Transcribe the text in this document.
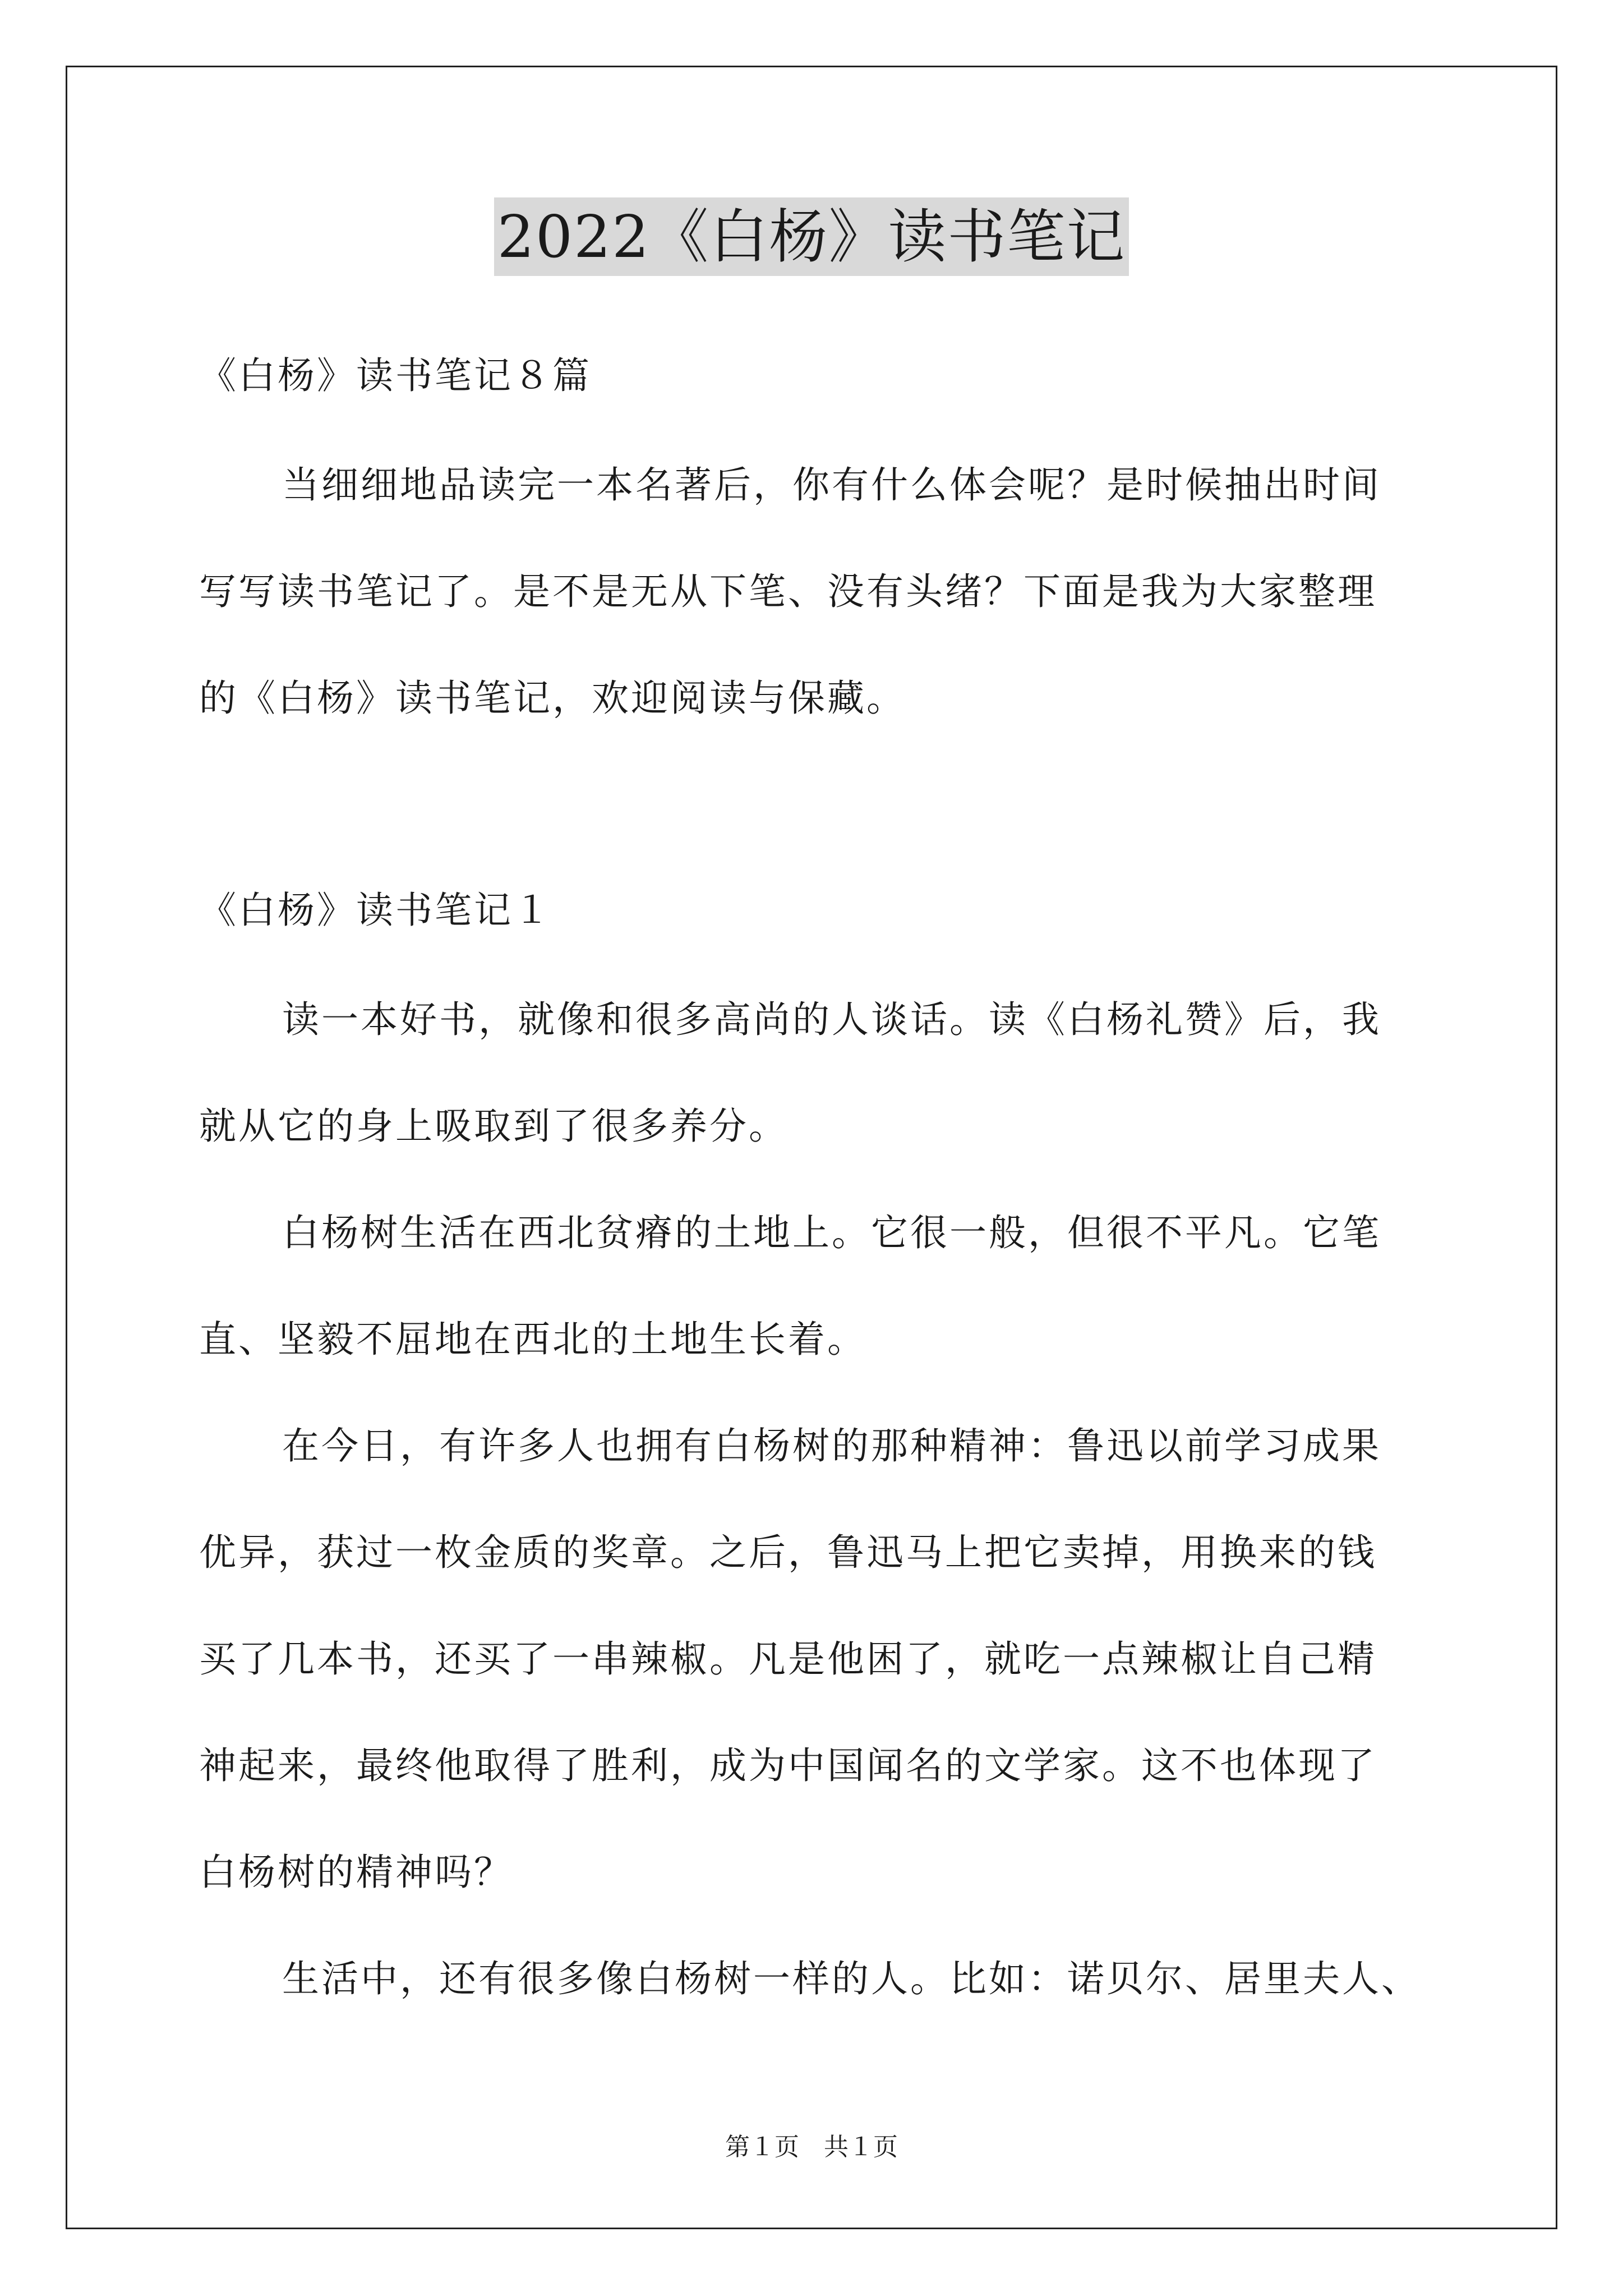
2022《白杨》读书笔记
《白杨》读书笔记８篇
当细细地品读完一本名著后，你有什么体会呢？是时候抽出时间
写写读书笔记了。是不是无从下笔、没有头绪？下面是我为大家整理
的《白杨》读书笔记，欢迎阅读与保藏。
《白杨》读书笔记１
读一本好书，就像和很多高尚的人谈话。读《白杨礼赞》后，我
就从它的身上吸取到了很多养分。
白杨树生活在西北贫瘠的土地上。它很一般，但很不平凡。它笔
直、坚毅不屈地在西北的土地生长着。
在今日，有许多人也拥有白杨树的那种精神：鲁迅以前学习成果
优异，获过一枚金质的奖章。之后，鲁迅马上把它卖掉，用换来的钱
买了几本书，还买了一串辣椒。凡是他困了，就吃一点辣椒让自己精
神起来，最终他取得了胜利，成为中国闻名的文学家。这不也体现了
白杨树的精神吗？
生活中，还有很多像白杨树一样的人。比如：诺贝尔、居里夫人、
第１页　共１页
